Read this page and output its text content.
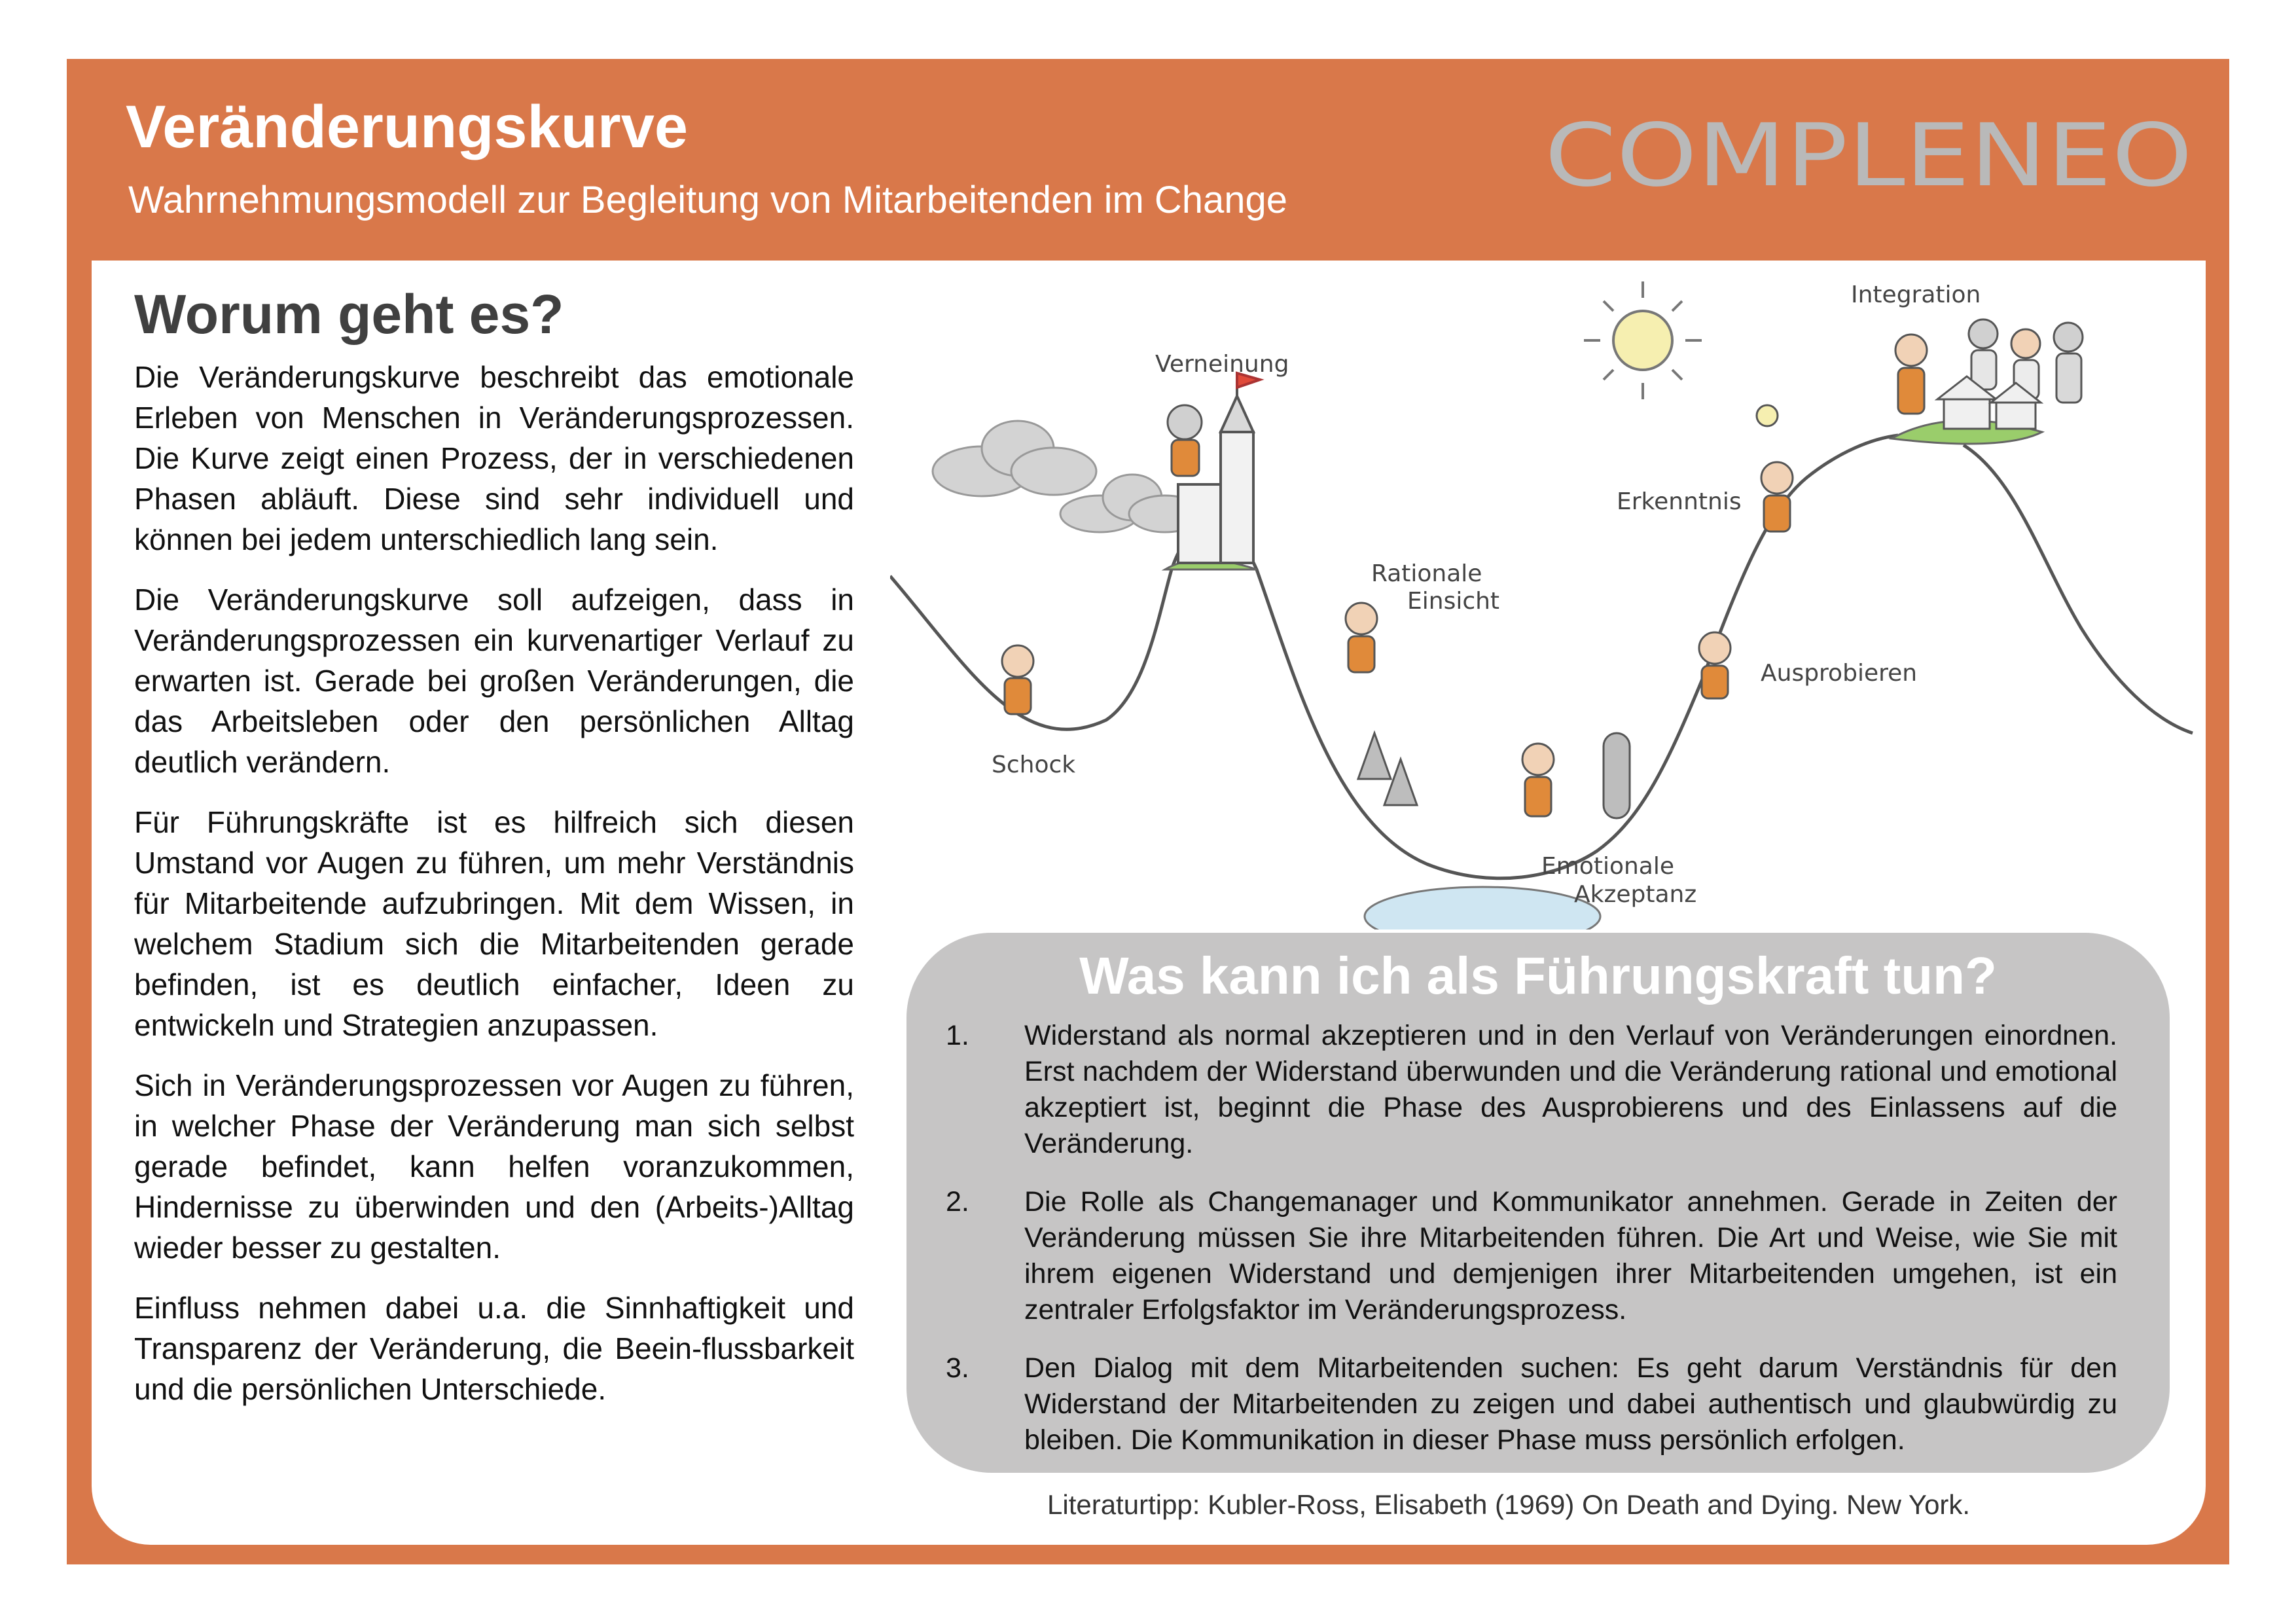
Veränderungskurve
Wahrnehmungsmodell zur Begleitung von Mitarbeitenden im Change	COMPLENEO
Worum geht es?

Die Veränderungskurve beschreibt das emotionale Erleben von Menschen in Veränderungsprozessen. Die Kurve zeigt einen Prozess, der in verschiedenen Phasen abläuft. Diese sind sehr individuell und können bei jedem unterschiedlich lang sein.

Die Veränderungskurve soll aufzeigen, dass in Veränderungsprozessen ein kurvenartiger Verlauf zu erwarten ist. Gerade bei großen Veränderungen, die das Arbeitsleben oder den persönlichen Alltag deutlich verändern.

Für Führungskräfte ist es hilfreich sich diesen Umstand vor Augen zu führen, um mehr Verständnis für Mitarbeitende aufzubringen. Mit dem Wissen, in welchem Stadium sich die Mitarbeitenden gerade befinden, ist es deutlich einfacher, Ideen zu entwickeln und Strategien anzupassen.

Sich in Veränderungsprozessen vor Augen zu führen, in welcher Phase der Veränderung man sich selbst gerade befindet, kann helfen voranzukommen, Hindernisse zu überwinden und den (Arbeits-)Alltag wieder besser zu gestalten.

Einfluss nehmen dabei u.a. die Sinnhaftigkeit und Transparenz der Veränderung, die Beein-flussbarkeit und die persönlichen Unterschiede.

Schock
Verneinung
Rationale
Einsicht
Emotionale
Akzeptanz
Ausprobieren
Erkenntnis
Integration
Was kann ich als Führungskraft tun?
1. Widerstand als normal akzeptieren und in den Verlauf von Veränderungen einordnen. Erst nachdem der Widerstand überwunden und die Veränderung rational und emotional akzeptiert ist, beginnt die Phase des Ausprobierens und des Einlassens auf die Veränderung.
2. Die Rolle als Changemanager und Kommunikator annehmen. Gerade in Zeiten der Veränderung müssen Sie ihre Mitarbeitenden führen. Die Art und Weise, wie Sie mit ihrem eigenen Widerstand und demjenigen ihrer Mitarbeitenden umgehen, ist ein zentraler Erfolgsfaktor im Veränderungsprozess.
3. Den Dialog mit dem Mitarbeitenden suchen: Es geht darum Verständnis für den Widerstand der Mitarbeitenden zu zeigen und dabei authentisch und glaubwürdig zu bleiben. Die Kommunikation in dieser Phase muss persönlich erfolgen.
Literaturtipp: Kubler-Ross, Elisabeth (1969) On Death and Dying. New York.
